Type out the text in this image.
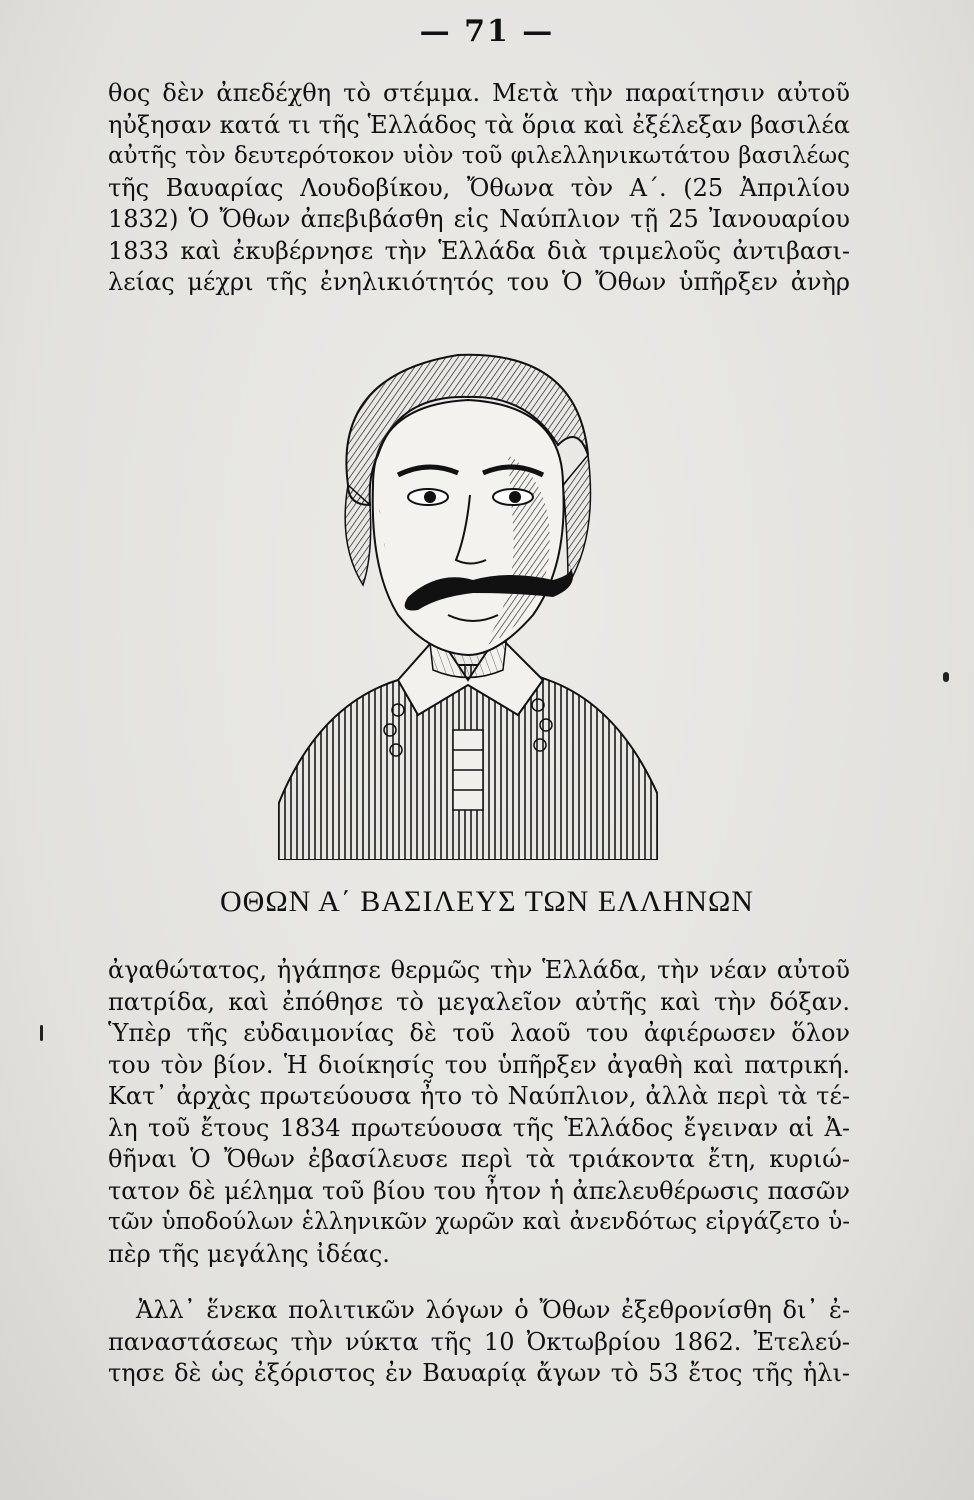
— 71 —
θος δὲν ἀπεδέχθη τὸ στέμμα. Μετὰ τὴν παραίτησιν αὐτοῦ
ηὐξησαν κατά τι τῆς Ἑλλάδος τὰ ὅρια καὶ ἐξέλεξαν βασιλέα
αὐτῆς τὸν δευτερότοκον υἱὸν τοῦ φιλελληνικωτάτου βασιλέως
τῆς Βαυαρίας Λουδοβίκου, Ὄθωνα τὸν Α΄. (25 Ἀπριλίου
1832) Ὁ Ὄθων ἀπεβιβάσθη εἰς Ναύπλιον τῇ 25 Ἰανουαρίου
1833 καὶ ἐκυβέρνησε τὴν Ἑλλάδα διὰ τριμελοῦς ἀντιβασι-
λείας μέχρι τῆς ἐνηλικιότητός του Ὁ Ὄθων ὑπῆρξεν ἀνὴρ
ΟΘΩΝ Α΄ ΒΑΣΙΛΕΥΣ ΤΩΝ ΕΛΛΗΝΩΝ
ἀγαθώτατος, ἠγάπησε θερμῶς τὴν Ἑλλάδα, τὴν νέαν αὐτοῦ
πατρίδα, καὶ ἐπόθησε τὸ μεγαλεῖον αὐτῆς καὶ τὴν δόξαν.
Ὑπὲρ τῆς εὐδαιμονίας δὲ τοῦ λαοῦ του ἀφιέρωσεν ὅλον
του τὸν βίον. Ἡ διοίκησίς του ὑπῆρξεν ἀγαθὴ καὶ πατρική.
Κατ᾽ ἀρχὰς πρωτεύουσα ἦτο τὸ Ναύπλιον, ἀλλὰ περὶ τὰ τέ-
λη τοῦ ἔτους 1834 πρωτεύουσα τῆς Ἑλλάδος ἔγειναν αἱ Ἀ-
θῆναι Ὁ Ὄθων ἐβασίλευσε περὶ τὰ τριάκοντα ἔτη, κυριώ-
τατον δὲ μέλημα τοῦ βίου του ἦτον ἡ ἀπελευθέρωσις πασῶν
τῶν ὑποδούλων ἑλληνικῶν χωρῶν καὶ ἀνενδότως εἰργάζετο ὑ-
πὲρ τῆς μεγάλης ἰδέας.
Ἀλλ᾽ ἕνεκα πολιτικῶν λόγων ὁ Ὄθων ἐξεθρονίσθη δι᾽ ἐ-
παναστάσεως τὴν νύκτα τῆς 10 Ὀκτωβρίου 1862. Ἐτελεύ-
τησε δὲ ὡς ἐξόριστος ἐν Βαυαρίᾳ ἄγων τὸ 53 ἔτος τῆς ἡλι-
